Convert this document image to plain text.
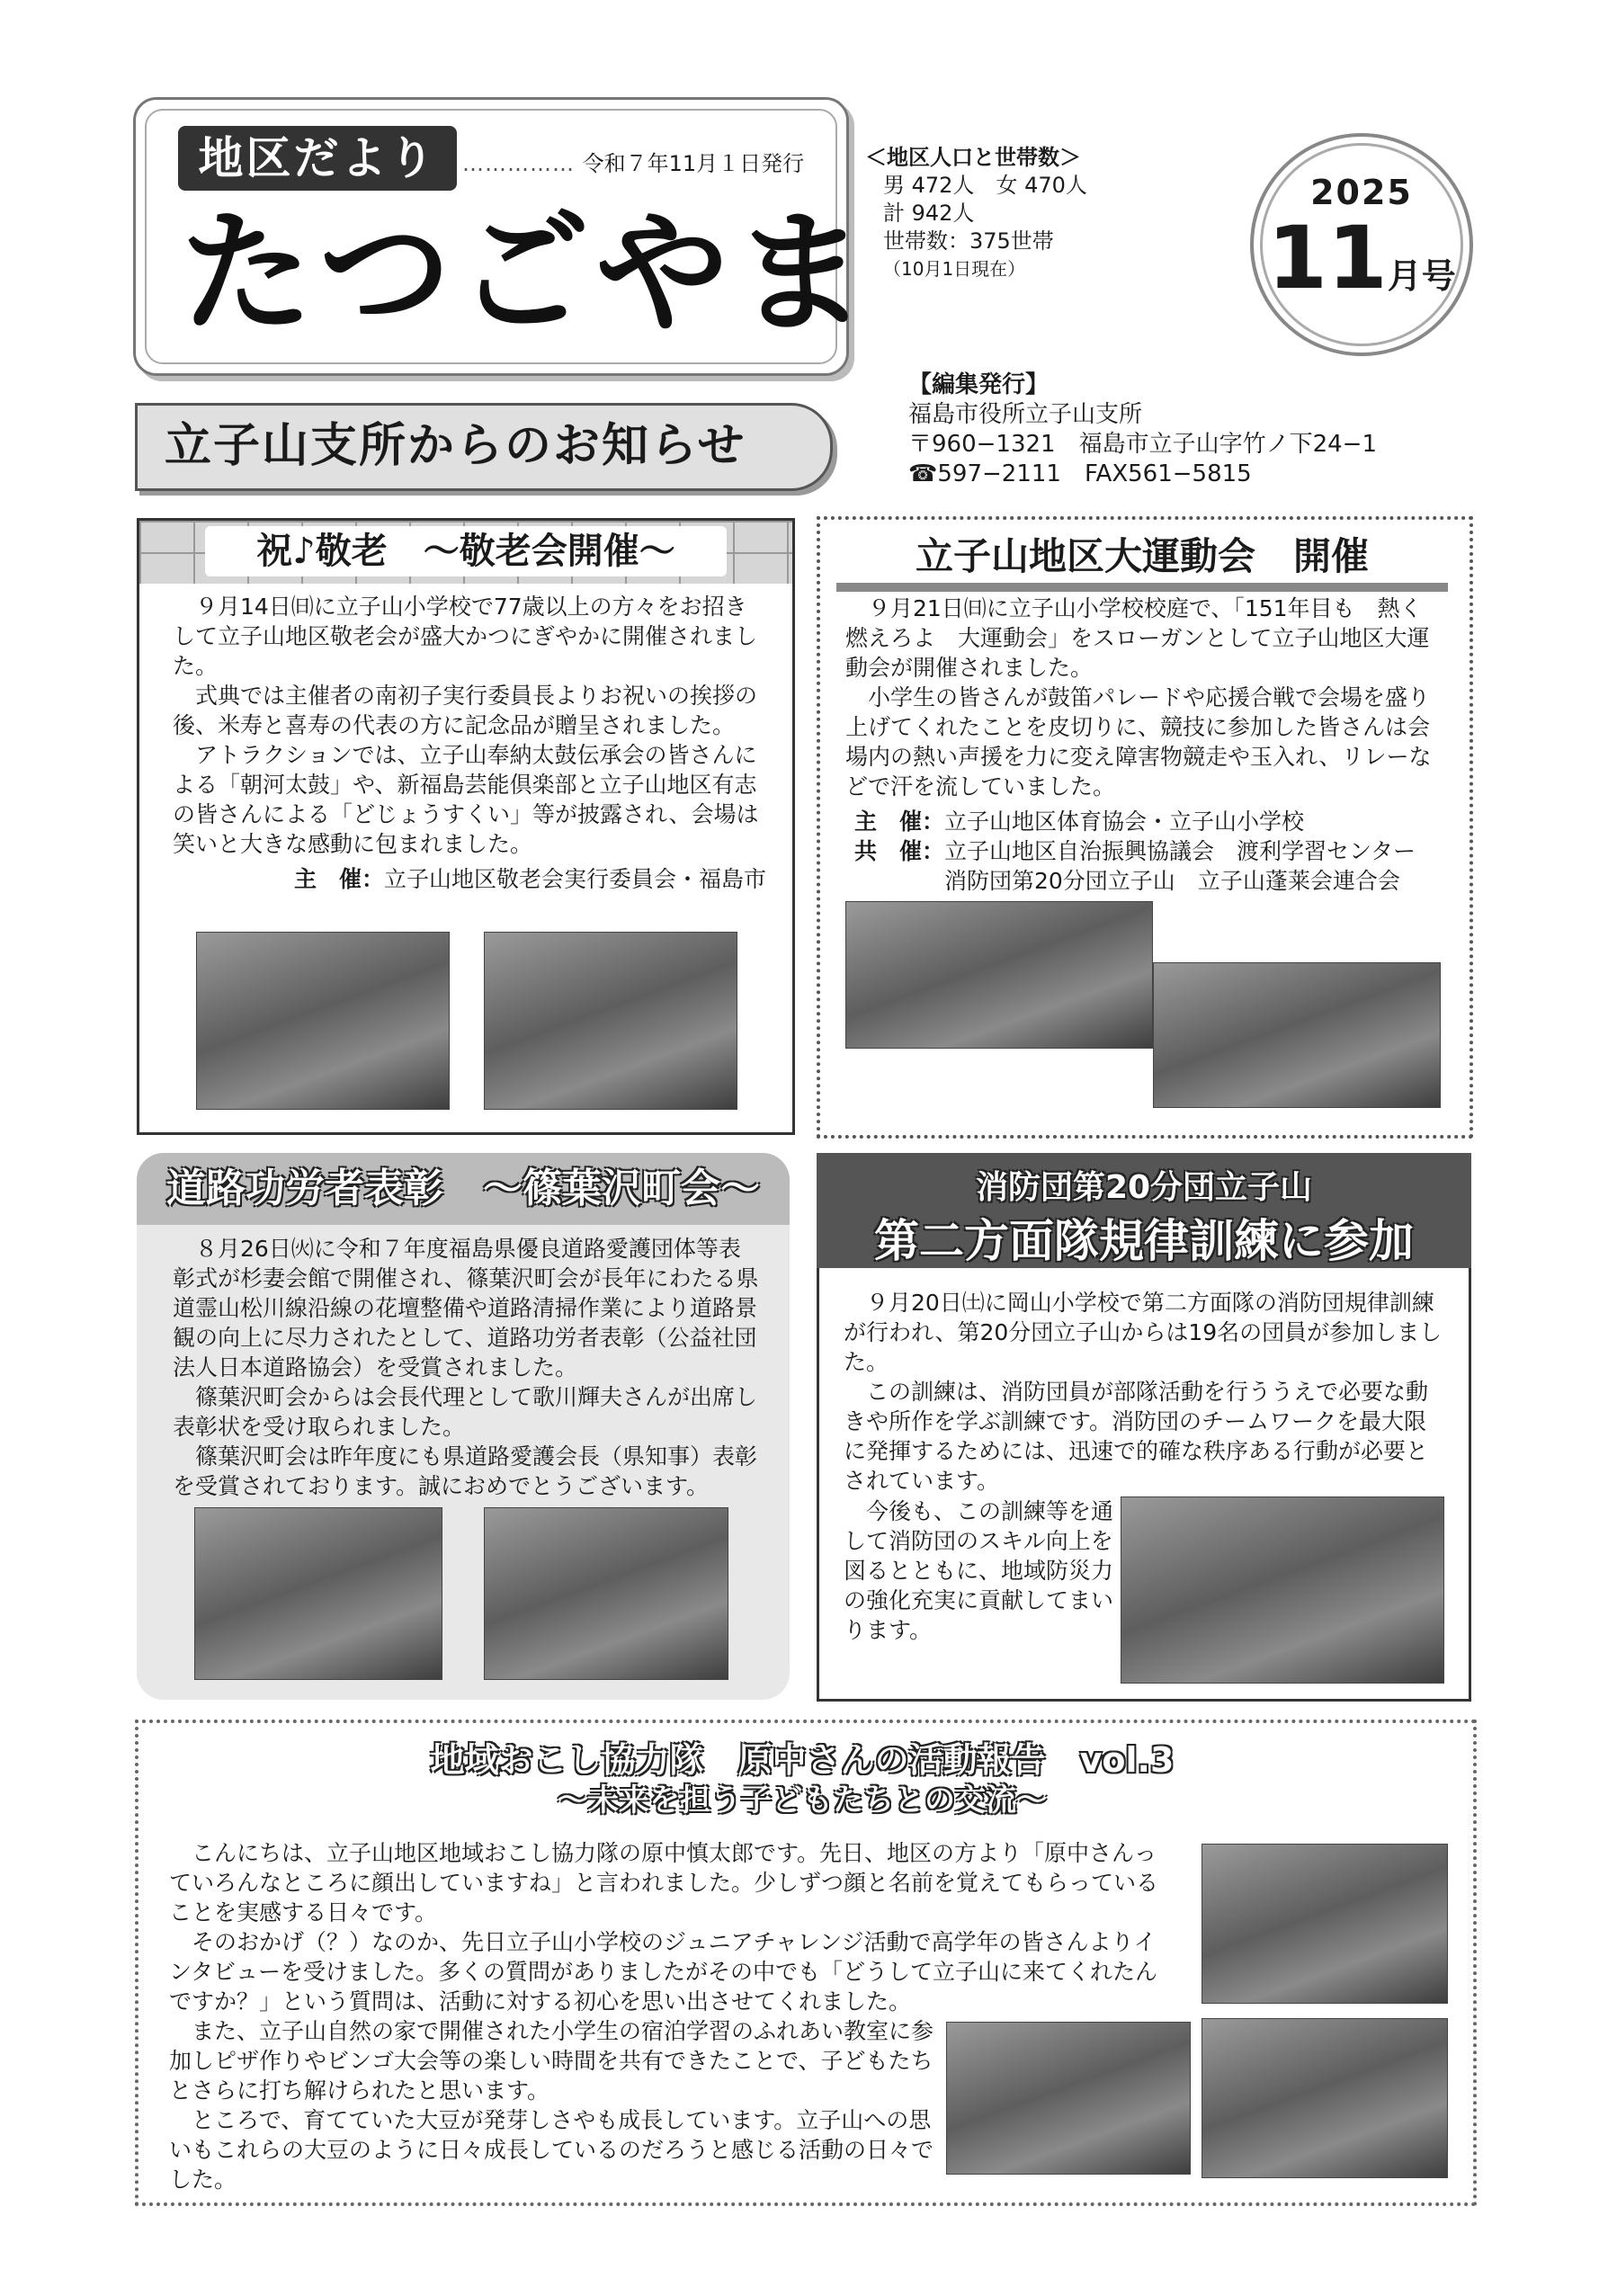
地区だより	…………… 令和７年11月１日発行
たつごやま
＜地区人口と世帯数＞
男 472人　女 470人
計 942人
世帯数：375世帯
（10月1日現在）
2025
11月号
【編集発行】
福島市役所立子山支所
〒960−1321　福島市立子山字竹ノ下24−1
☎597−2111　FAX561−5815
立子山支所からのお知らせ
祝♪敬老　～敬老会開催～

９月14日㈰に立子山小学校で77歳以上の方々をお招きして立子山地区敬老会が盛大かつにぎやかに開催されました。

式典では主催者の南初子実行委員長よりお祝いの挨拶の後、米寿と喜寿の代表の方に記念品が贈呈されました。

アトラクションでは、立子山奉納太鼓伝承会の皆さんによる「朝河太鼓」や、新福島芸能倶楽部と立子山地区有志の皆さんによる「どじょうすくい」等が披露され、会場は笑いと大きな感動に包まれました。

主　催：立子山地区敬老会実行委員会・福島市

立子山地区大運動会　開催

９月21日㈰に立子山小学校校庭で、「151年目も　熱く燃えろよ　大運動会」をスローガンとして立子山地区大運動会が開催されました。

小学生の皆さんが鼓笛パレードや応援合戦で会場を盛り上げてくれたことを皮切りに、競技に参加した皆さんは会場内の熱い声援を力に変え障害物競走や玉入れ、リレーなどで汗を流していました。

主　催： 立子山地区体育協会・立子山小学校
共　催： 立子山地区自治振興協議会　渡利学習センター
消防団第20分団立子山　立子山蓬莱会連合会
道路功労者表彰　～篠葉沢町会～

８月26日㈫に令和７年度福島県優良道路愛護団体等表彰式が杉妻会館で開催され、篠葉沢町会が長年にわたる県道霊山松川線沿線の花壇整備や道路清掃作業により道路景観の向上に尽力されたとして、道路功労者表彰（公益社団法人日本道路協会）を受賞されました。

篠葉沢町会からは会長代理として歌川輝夫さんが出席し表彰状を受け取られました。

篠葉沢町会は昨年度にも県道路愛護会長（県知事）表彰を受賞されております。誠におめでとうございます。

消防団第20分団立子山
第二方面隊規律訓練に参加

９月20日㈯に岡山小学校で第二方面隊の消防団規律訓練が行われ、第20分団立子山からは19名の団員が参加しました。

この訓練は、消防団員が部隊活動を行ううえで必要な動きや所作を学ぶ訓練です。消防団のチームワークを最大限に発揮するためには、迅速で的確な秩序ある行動が必要とされています。

今後も、この訓練等を通して消防団のスキル向上を図るとともに、地域防災力の強化充実に貢献してまいります。

地域おこし協力隊　原中さんの活動報告　vol.3
～未来を担う子どもたちとの交流～

こんにちは、立子山地区地域おこし協力隊の原中慎太郎です。先日、地区の方より「原中さんっていろんなところに顔出していますね」と言われました。少しずつ顔と名前を覚えてもらっていることを実感する日々です。

そのおかげ（？）なのか、先日立子山小学校のジュニアチャレンジ活動で高学年の皆さんよりインタビューを受けました。多くの質問がありましたがその中でも「どうして立子山に来てくれたんですか？」という質問は、活動に対する初心を思い出させてくれました。

また、立子山自然の家で開催された小学生の宿泊学習のふれあい教室に参加しピザ作りやビンゴ大会等の楽しい時間を共有できたことで、子どもたちとさらに打ち解けられたと思います。

ところで、育てていた大豆が発芽しさやも成長しています。立子山への思いもこれらの大豆のように日々成長しているのだろうと感じる活動の日々でした。
